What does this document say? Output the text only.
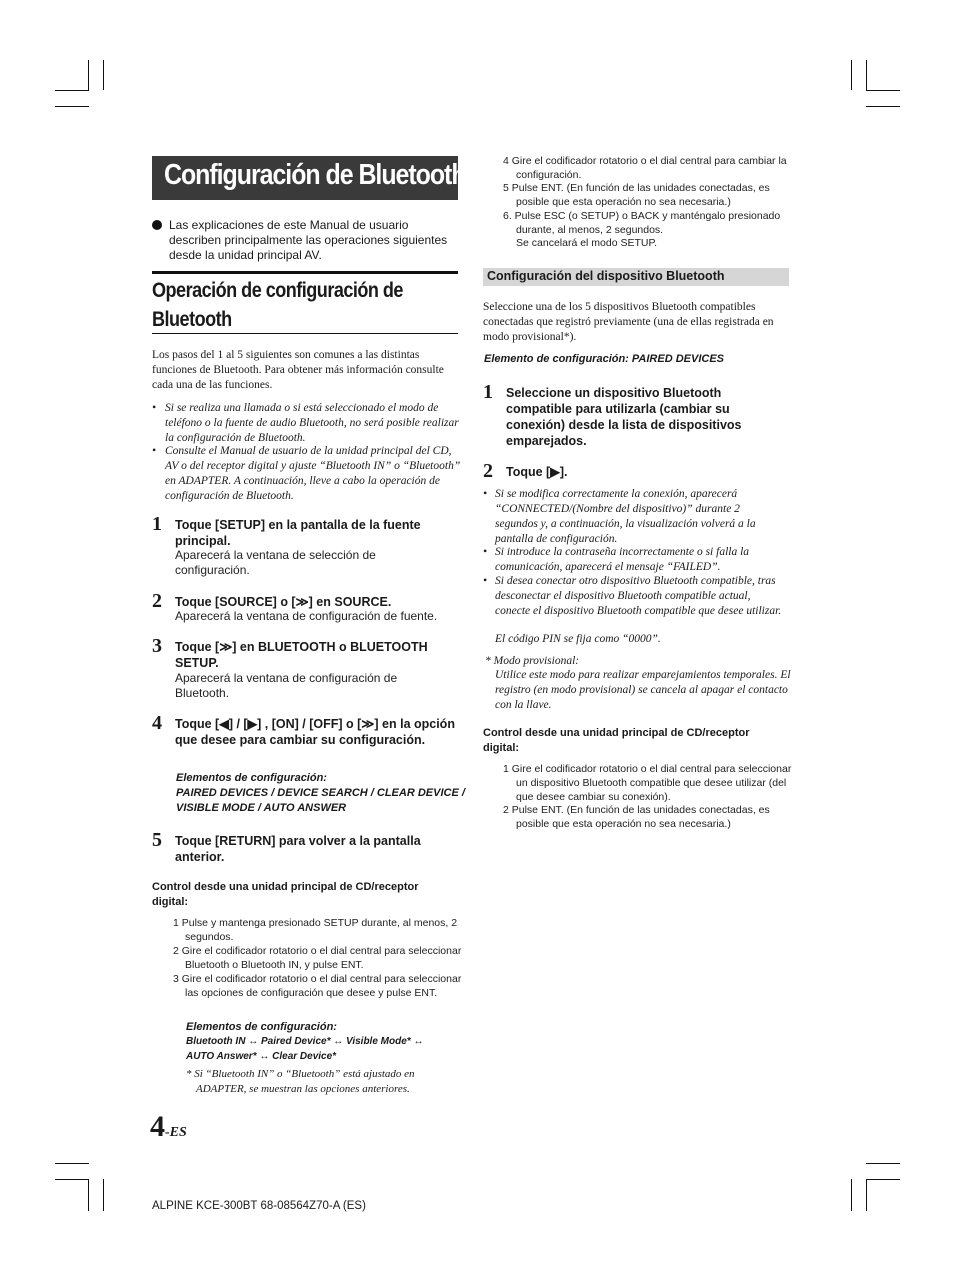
Configuración de Bluetooth
Las explicaciones de este Manual de usuario describen principalmente las operaciones siguientes desde la unidad principal AV.
Operación de configuración de
Bluetooth
Los pasos del 1 al 5 siguientes son comunes a las distintas funciones de Bluetooth. Para obtener más información consulte cada una de las funciones.
• Si se realiza una llamada o si está seleccionado el modo de teléfono o la fuente de audio Bluetooth, no será posible realizar la configuración de Bluetooth.
• Consulte el Manual de usuario de la unidad principal del CD, AV o del receptor digital y ajuste “Bluetooth IN” o “Bluetooth” en ADAPTER. A continuación, lleve a cabo la operación de configuración de Bluetooth.
1 Toque [SETUP] en la pantalla de la fuente principal.
Aparecerá la ventana de selección de configuración.
2 Toque [SOURCE] o [≫] en SOURCE.
Aparecerá la ventana de configuración de fuente.
3 Toque [≫] en BLUETOOTH o BLUETOOTH SETUP.
Aparecerá la ventana de configuración de Bluetooth.
4 Toque [◀] / [▶] , [ON] / [OFF] o [≫] en la opción que desee para cambiar su configuración.
Elementos de configuración:
PAIRED DEVICES / DEVICE SEARCH / CLEAR DEVICE / VISIBLE MODE / AUTO ANSWER
5 Toque [RETURN] para volver a la pantalla anterior.
Control desde una unidad principal de CD/receptor digital:
1 Pulse y mantenga presionado SETUP durante, al menos, 2 segundos.
2 Gire el codificador rotatorio o el dial central para seleccionar Bluetooth o Bluetooth IN, y pulse ENT.
3 Gire el codificador rotatorio o el dial central para seleccionar las opciones de configuración que desee y pulse ENT.
Elementos de configuración:
Bluetooth IN ↔ Paired Device* ↔ Visible Mode* ↔
AUTO Answer* ↔ Clear Device*
* Si “Bluetooth IN” o “Bluetooth” está ajustado en ADAPTER, se muestran las opciones anteriores.
4-ES
ALPINE KCE-300BT 68-08564Z70-A (ES)
4 Gire el codificador rotatorio o el dial central para cambiar la configuración.
5 Pulse ENT. (En función de las unidades conectadas, es posible que esta operación no sea necesaria.)
6. Pulse ESC (o SETUP) o BACK y manténgalo presionado durante, al menos, 2 segundos.
Se cancelará el modo SETUP.
Configuración del dispositivo Bluetooth
Seleccione una de los 5 dispositivos Bluetooth compatibles conectadas que registró previamente (una de ellas registrada en modo provisional*).
Elemento de configuración: PAIRED DEVICES
1 Seleccione un dispositivo Bluetooth compatible para utilizarla (cambiar su conexión) desde la lista de dispositivos emparejados.
2 Toque [▶].
• Si se modifica correctamente la conexión, aparecerá “CONNECTED/(Nombre del dispositivo)” durante 2 segundos y, a continuación, la visualización volverá a la pantalla de configuración.
• Si introduce la contraseña incorrectamente o si falla la comunicación, aparecerá el mensaje “FAILED”.
• Si desea conectar otro dispositivo Bluetooth compatible, tras desconectar el dispositivo Bluetooth compatible actual, conecte el dispositivo Bluetooth compatible que desee utilizar.
El código PIN se fija como “0000”.
* Modo provisional:
Utilice este modo para realizar emparejamientos temporales. El registro (en modo provisional) se cancela al apagar el contacto con la llave.
Control desde una unidad principal de CD/receptor digital:
1 Gire el codificador rotatorio o el dial central para seleccionar un dispositivo Bluetooth compatible que desee utilizar (del que desee cambiar su conexión).
2 Pulse ENT. (En función de las unidades conectadas, es posible que esta operación no sea necesaria.)
